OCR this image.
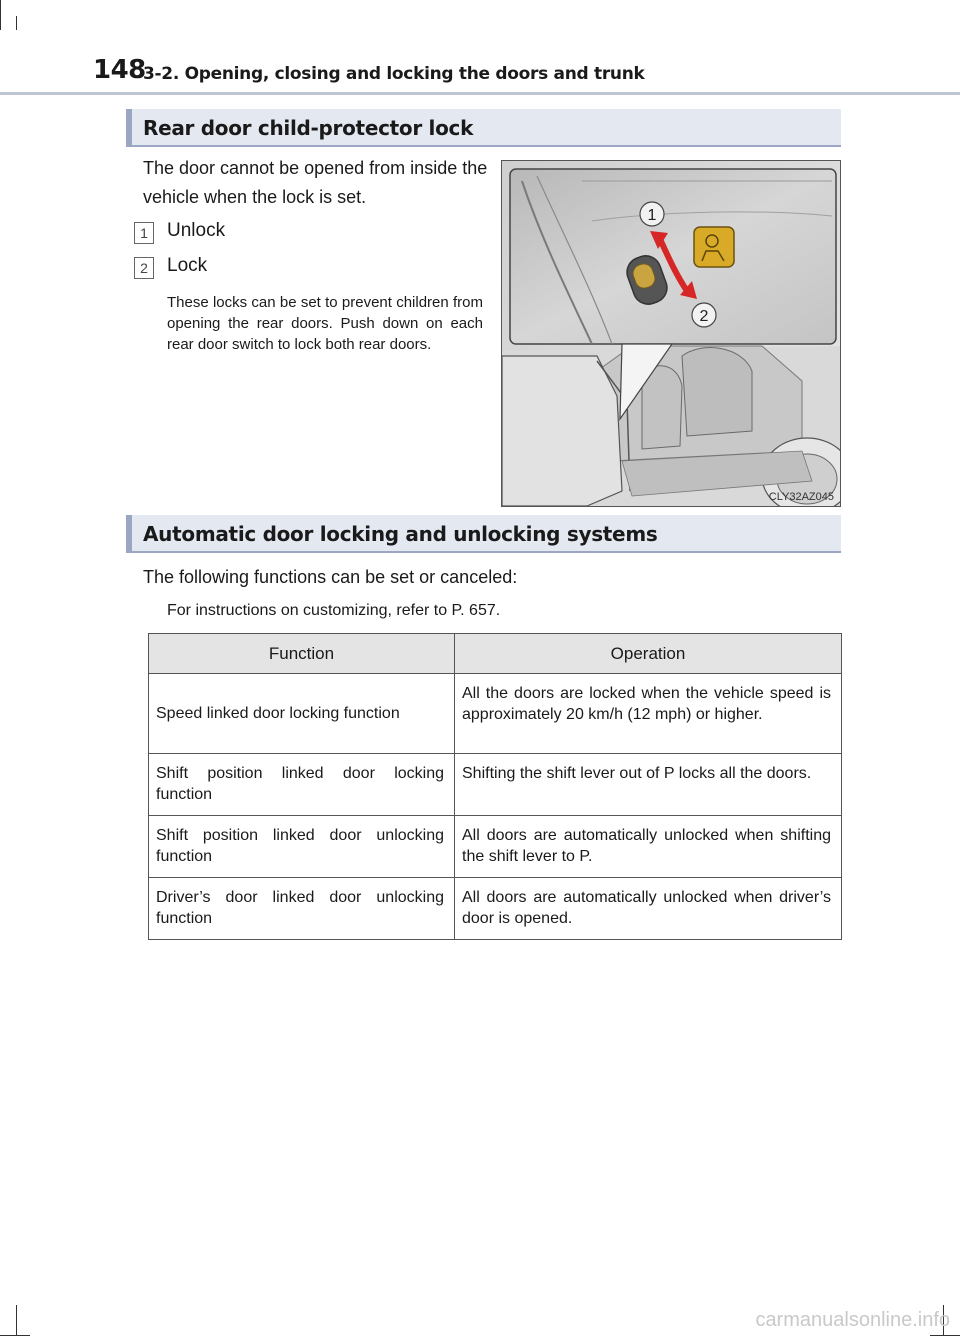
148
3-2. Opening, closing and locking the doors and trunk
Rear door child-protector lock
The door cannot be opened from inside the vehicle when the lock is set.
1	Unlock
2	Lock
These locks can be set to prevent children from opening the rear doors. Push down on each rear door switch to lock both rear doors.
1
2
CLY32AZ045
Automatic door locking and unlocking systems
The following functions can be set or canceled:
For instructions on customizing, refer to P. 657.
Function	Operation
Speed linked door locking function	All the doors are locked when the vehicle speed is approximately 20 km/h (12 mph) or higher.
Shift position linked door locking function	Shifting the shift lever out of P locks all the doors.
Shift position linked door unlocking function	All doors are automatically unlocked when shifting the shift lever to P.
Driver’s door linked door unlocking function	All doors are automatically unlocked when driver’s door is opened.
carmanualsonline.info
